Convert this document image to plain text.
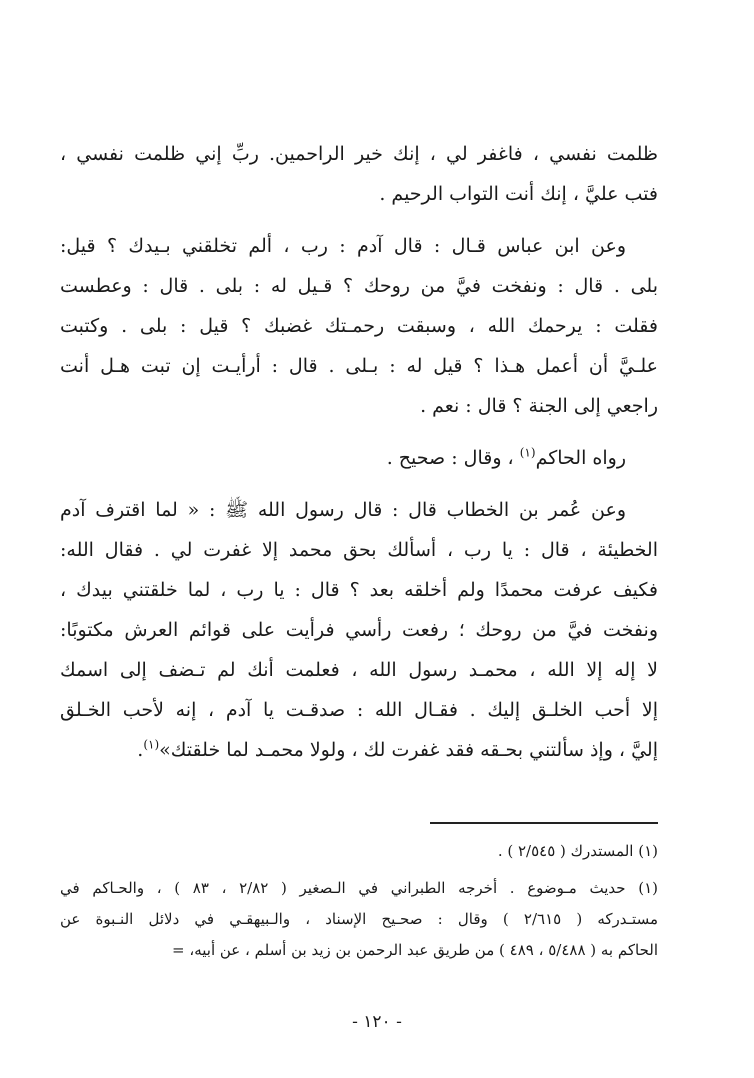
ظلمت نفسي ، فاغفر لي ، إنك خير الراحمين. ربِّ إني ظلمت نفسي ،
فتب عليَّ ، إنك أنت التواب الرحيم .
وعن ابن عباس قـال : قال آدم : رب ، ألم تخلقني بـيدك ؟ قيل:
بلى . قال : ونفخت فيَّ من روحك ؟ قـيل له : بلى . قال : وعطست
فقلت : يرحمك الله ، وسبقت رحمـتك غضبك ؟ قيل : بلى . وكتبت
علـيَّ أن أعمل هـذا ؟ قيل له : بـلى . قال : أرأيـت إن تبت هـل أنت
راجعي إلى الجنة ؟ قال : نعم .
رواه الحاكم$^{(١)}$ ، وقال : صحيح .
وعن عُمر بن الخطاب قال : قال رسول الله ﷺ : « لما اقترف آدم
الخطيئة ، قال : يا رب ، أسألك بحق محمد إلا غفرت لي . فقال الله:
فكيف عرفت محمدًا ولم أخلقه بعد ؟ قال : يا رب ، لما خلقتني بيدك ،
ونفخت فيَّ من روحك ؛ رفعت رأسي فرأيت على قوائم العرش مكتوبًا:
لا إله إلا الله ، محمـد رسول الله ، فعلمت أنك لم تـضف إلى اسمك
إلا أحب الخلـق إليك . فقـال الله : صدقـت يا آدم ، إنه لأحب الخـلق
إليَّ ، وإذ سألتني بحـقه فقد غفرت لك ، ولولا محمـد لما خلقتك»$^{(١)}$.
(١) المستدرك ( ٢/٥٤٥ ) .
(١) حديث مـوضوع . أخرجه الطبراني في الـصغير ( ٢/٨٢ ، ٨٣ ) ، والحـاكم في
مستـدركه ( ٢/٦١٥ ) وقال : صحـيح الإسناد ، والـبيهقـي في دلائل النـبوة عن
الحاكم به ( ٥/٤٨٨ ، ٤٨٩ ) من طريق عبد الرحمن بن زيد بن أسلم ، عن أبيه، =
- ١٢٠ -
